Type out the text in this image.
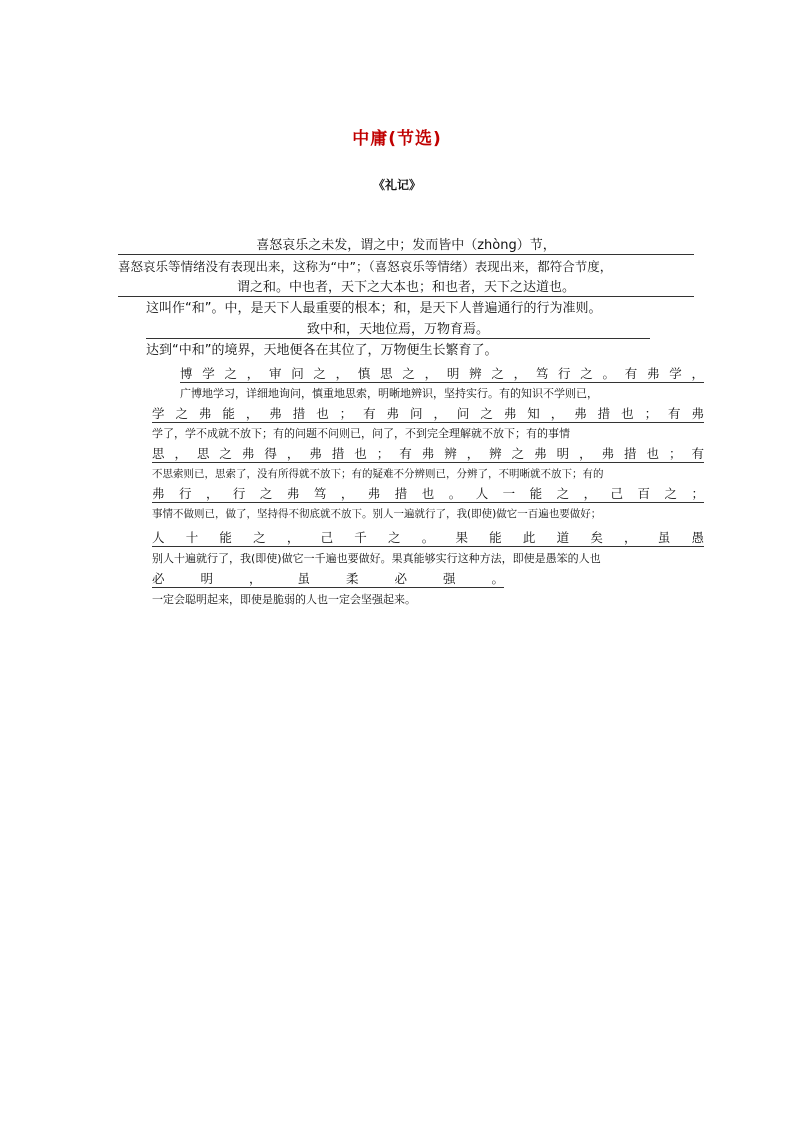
中庸(节选)
《礼记》
喜怒哀乐之未发，谓之中；发而皆中（zhòng）节，
喜怒哀乐等情绪没有表现出来，这称为“中”；（喜怒哀乐等情绪）表现出来，都符合节度，
谓之和。中也者，天下之大本也；和也者，天下之达道也。
这叫作“和”。中，是天下人最重要的根本；和，是天下人普遍通行的行为准则。
致中和，天地位焉，万物育焉。
达到“中和”的境界，天地便各在其位了，万物便生长繁育了。
博学之，审问之，慎思之，明辨之，笃行之。有弗学，
广博地学习，详细地询问，慎重地思索，明晰地辨识，坚持实行。有的知识不学则已，
学之弗能，弗措也；有弗问，问之弗知，弗措也；有弗
学了，学不成就不放下；有的问题不问则已，问了，不到完全理解就不放下；有的事情
思，思之弗得，弗措也；有弗辨，辨之弗明，弗措也；有
不思索则已，思索了，没有所得就不放下；有的疑难不分辨则已，分辨了，不明晰就不放下；有的
弗行，行之弗笃，弗措也。人一能之，己百之；
事情不做则已，做了，坚持得不彻底就不放下。别人一遍就行了，我(即使)做它一百遍也要做好；
人十能之，己千之。果能此道矣，虽愚
别人十遍就行了，我(即使)做它一千遍也要做好。果真能够实行这种方法，即使是愚笨的人也
必明，虽柔必强。
一定会聪明起来，即使是脆弱的人也一定会坚强起来。
